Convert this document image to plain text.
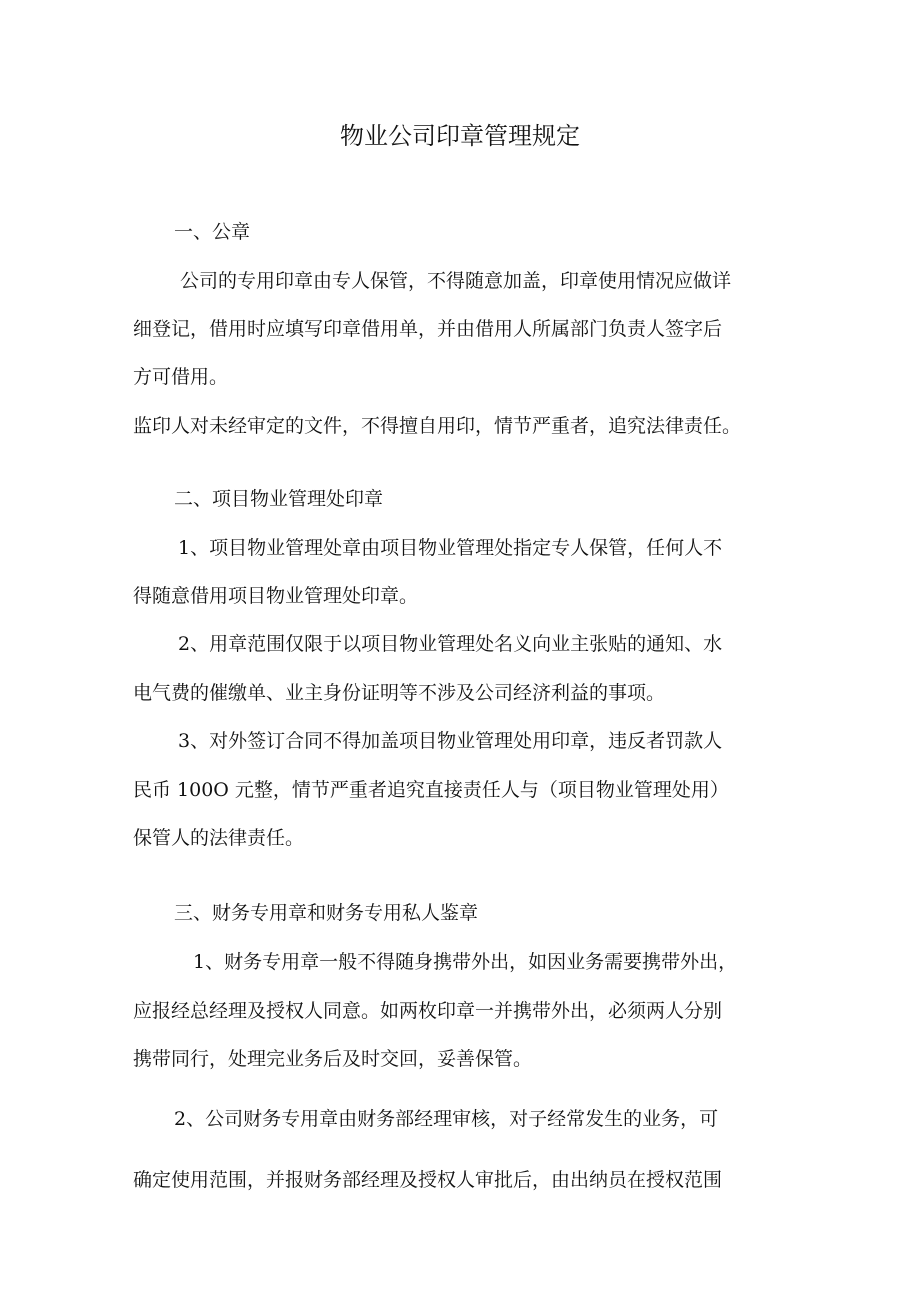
物业公司印章管理规定
一、公章
公司的专用印章由专人保管，不得随意加盖，印章使用情况应做详
细登记，借用时应填写印章借用单，并由借用人所属部门负责人签字后
方可借用。
监印人对未经审定的文件，不得擅自用印，情节严重者，追究法律责任。
二、项目物业管理处印章
1、项目物业管理处章由项目物业管理处指定专人保管，任何人不
得随意借用项目物业管理处印章。
2、用章范围仅限于以项目物业管理处名义向业主张贴的通知、水
电气费的催缴单、业主身份证明等不涉及公司经济利益的事项。
3、对外签订合同不得加盖项目物业管理处用印章，违反者罚款人
民币 100O 元整，情节严重者追究直接责任人与（项目物业管理处用）
保管人的法律责任。
三、财务专用章和财务专用私人鉴章
1、财务专用章一般不得随身携带外出，如因业务需要携带外出，
应报经总经理及授权人同意。如两枚印章一并携带外出，必须两人分别
携带同行，处理完业务后及时交回，妥善保管。
2、公司财务专用章由财务部经理审核，对子经常发生的业务，可
确定使用范围，并报财务部经理及授权人审批后，由出纳员在授权范围
